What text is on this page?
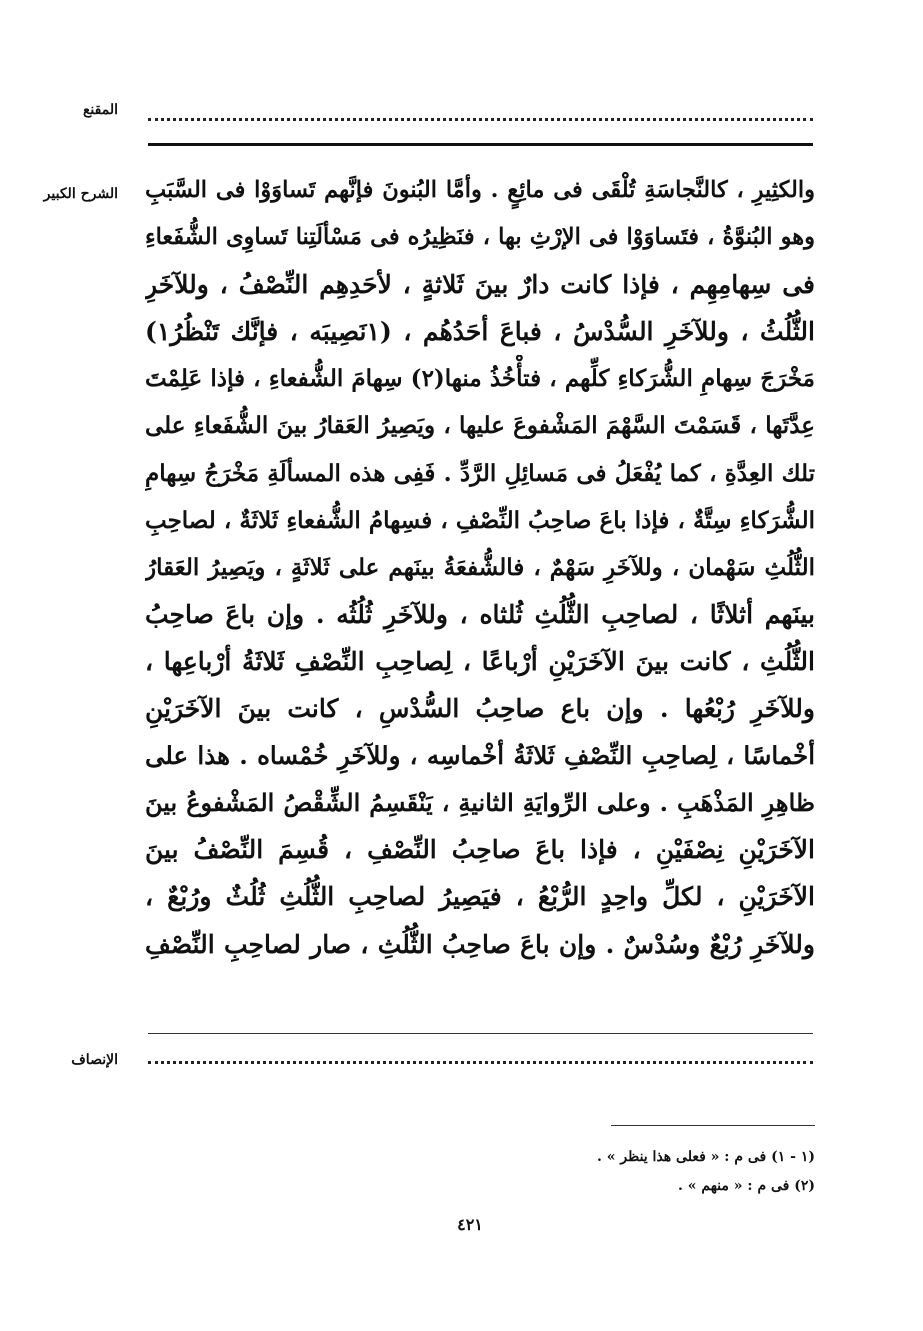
المقنع
الشرح الكبير والكثِيرِ ، كالنَّجاسَةِ تُلْقَى فى مائِعٍ . وأمَّا البُنونَ فإنَّهم تَساوَوْا فى السَّبَبِ
وهو البُنوَّةُ ، فتَساوَوْا فى الإرْثِ بها ، فنَظِيرُه فى مَسْألَتِنا تَساوِى الشُّفَعاءِ
فى سِهامِهِم ، فإذا كانت دارٌ بينَ ثَلاثةٍ ، لأحَدِهِم النِّصْفُ ، وللآخَرِ
الثُّلُثُ ، وللآخَرِ السُّدْسُ ، فباعَ أحَدُهُم ، (١نَصِيبَه ، فإنَّك تَنْظُرُ١)
مَخْرَجَ سِهامِ الشُّرَكاءِ كلِّهم ، فتأْخُذُ منها(٢) سِهامَ الشُّفعاءِ ، فإذا عَلِمْتَ
عِدَّتَها ، قَسَمْتَ السَّهْمَ المَشْفوعَ عليها ، ويَصِيرُ العَقارُ بينَ الشُّفَعاءِ على
تلك العِدَّةِ ، كما يُفْعَلُ فى مَسائِلِ الرَّدِّ . فَفِى هذه المسألَةِ مَخْرَجُ سِهامِ
الشُّرَكاءِ سِتَّةٌ ، فإذا باعَ صاحِبُ النِّصْفِ ، فسِهامُ الشُّفعاءِ ثَلاثَةٌ ، لصاحِبِ
الثُّلُثِ سَهْمان ، وللآخَرِ سَهْمٌ ، فالشُّفعَةُ بينَهم على ثَلاثَةٍ ، ويَصِيرُ العَقارُ
بينَهم أثلاثًا ، لصاحِبِ الثُّلُثِ ثُلثاه ، وللآخَرِ ثُلُثُه . وإن باعَ صاحِبُ
الثُّلُثِ ، كانت بينَ الآخَرَيْنِ أرْباعًا ، لِصاحِبِ النِّصْفِ ثَلاثَةُ أرْباعِها ،
وللآخَرِ رُبْعُها . وإن باع صاحِبُ السُّدْسِ ، كانت بينَ الآخَرَيْنِ
أخْماسًا ، لِصاحِبِ النِّصْفِ ثَلاثَةُ أخْماسِه ، وللآخَرِ خُمْساه . هذا على
ظاهِرِ المَذْهَبِ . وعلى الرِّوايَةِ الثانيةِ ، يَنْقَسِمُ الشِّقْصُ المَشْفوعُ بينَ
الآخَرَيْنِ نِصْفَيْنِ ، فإذا باعَ صاحِبُ النِّصْفِ ، قُسِمَ النِّصْفُ بينَ
الآخَرَيْنِ ، لكلِّ واحِدٍ الرُّبْعُ ، فيَصِيرُ لصاحِبِ الثُّلُثِ ثُلُثٌ ورُبْعٌ ،
وللآخَرِ رُبْعٌ وسُدْسٌ . وإن باعَ صاحِبُ الثُّلُثِ ، صار لصاحِبِ النِّصْفِ
الإنصاف
(١ - ١) فى م : « فعلى هذا ينظر » .
(٢) فى م : « منهم » .
٤٢١
